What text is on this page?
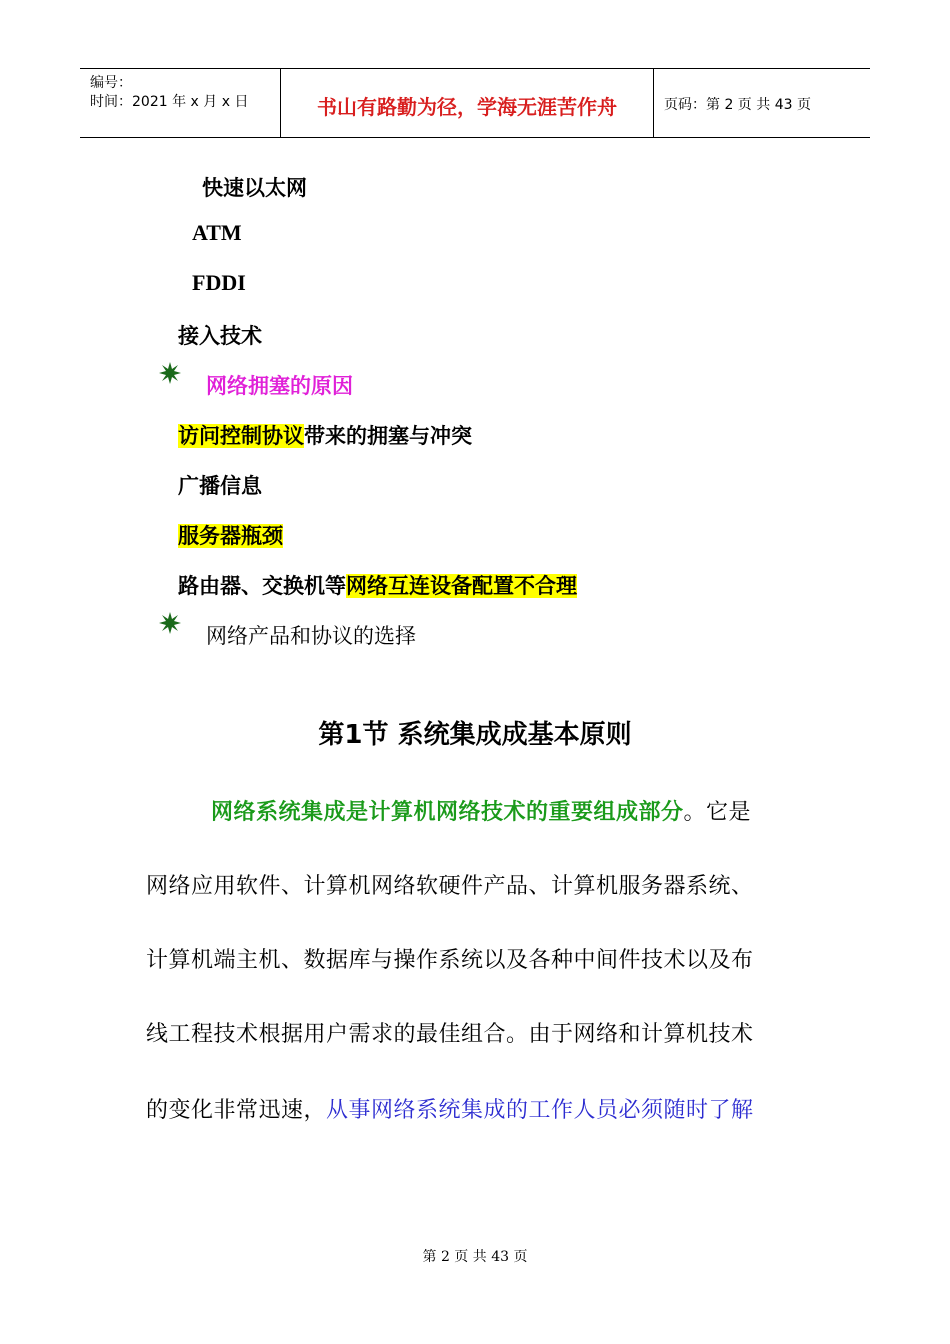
编号：
时间：2021 年 x 月 x 日	书山有路勤为径，学海无涯苦作舟	页码：第 2 页 共 43 页
快速以太网
ATM
FDDI
接入技术
网络拥塞的原因
访问控制协议带来的拥塞与冲突
广播信息
服务器瓶颈
路由器、交换机等网络互连设备配置不合理
网络产品和协议的选择
第1节 系统集成成基本原则
网络系统集成是计算机网络技术的重要组成部分。它是
网络应用软件、计算机网络软硬件产品、计算机服务器系统、
计算机端主机、数据库与操作系统以及各种中间件技术以及布
线工程技术根据用户需求的最佳组合。由于网络和计算机技术
的变化非常迅速，从事网络系统集成的工作人员必须随时了解
第 2 页 共 43 页
